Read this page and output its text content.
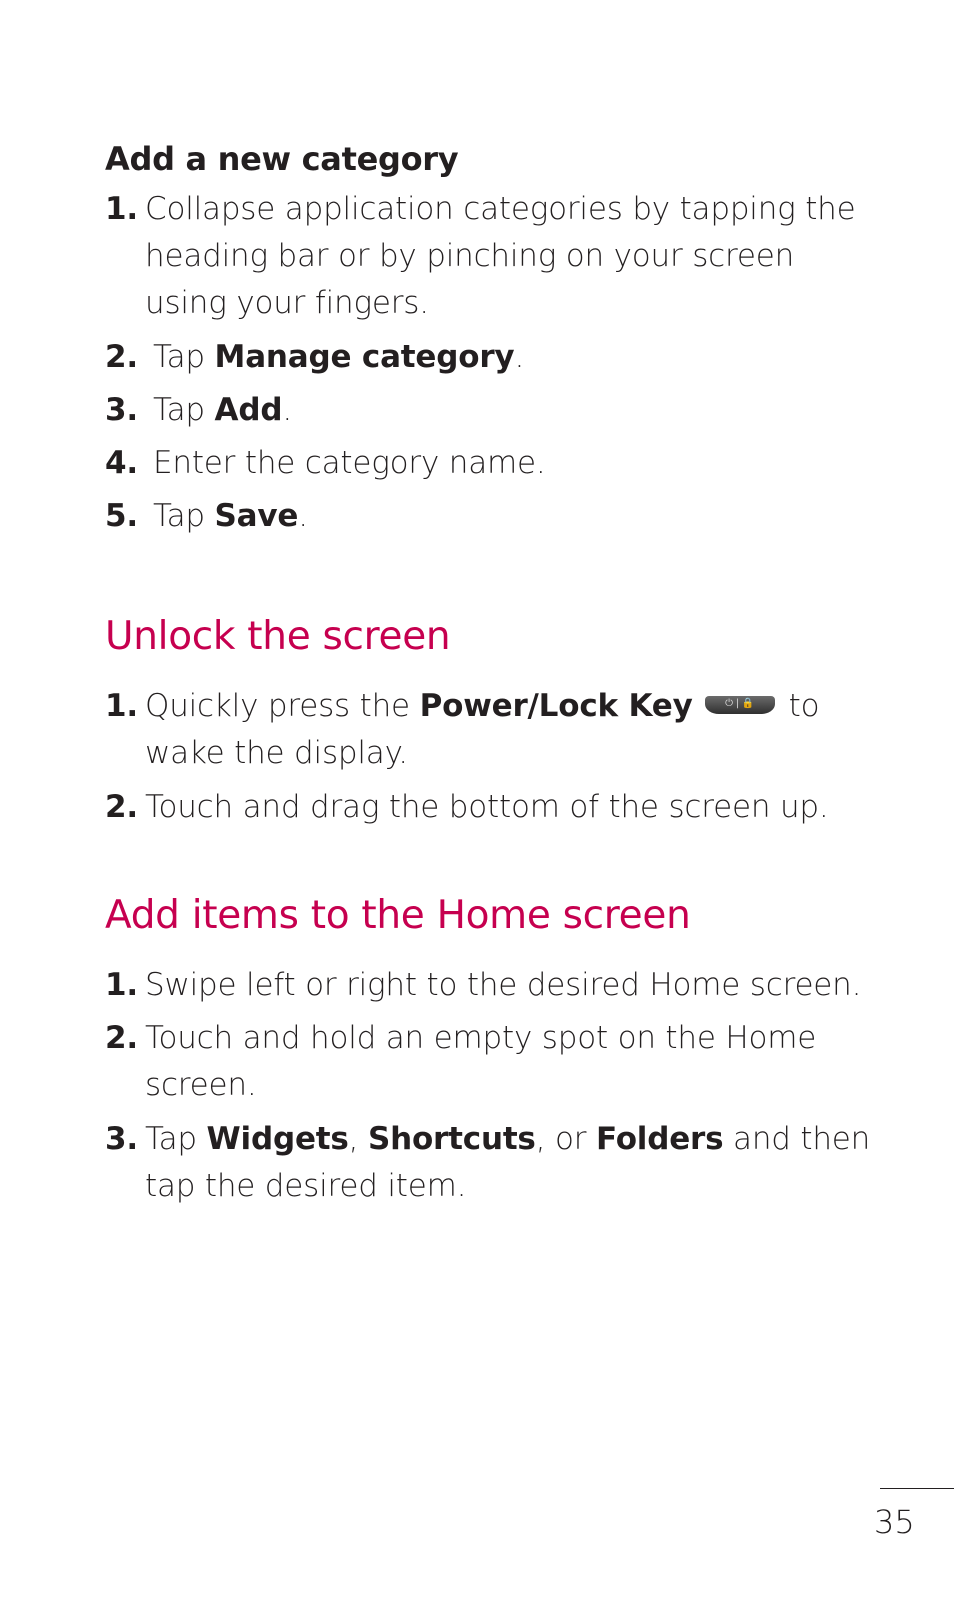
Add a new category
1. Collapse application categories by tapping the heading bar or by pinching on your screen using your fingers.
2. Tap Manage category.
3. Tap Add.
4. Enter the category name.
5. Tap Save.
Unlock the screen
1. Quickly press the Power/Lock Key	⏻ | 🔒	to wake the display.
2. Touch and drag the bottom of the screen up.
Add items to the Home screen
1. Swipe left or right to the desired Home screen.
2. Touch and hold an empty spot on the Home screen.
3. Tap Widgets, Shortcuts, or Folders and then tap the desired item.
35
